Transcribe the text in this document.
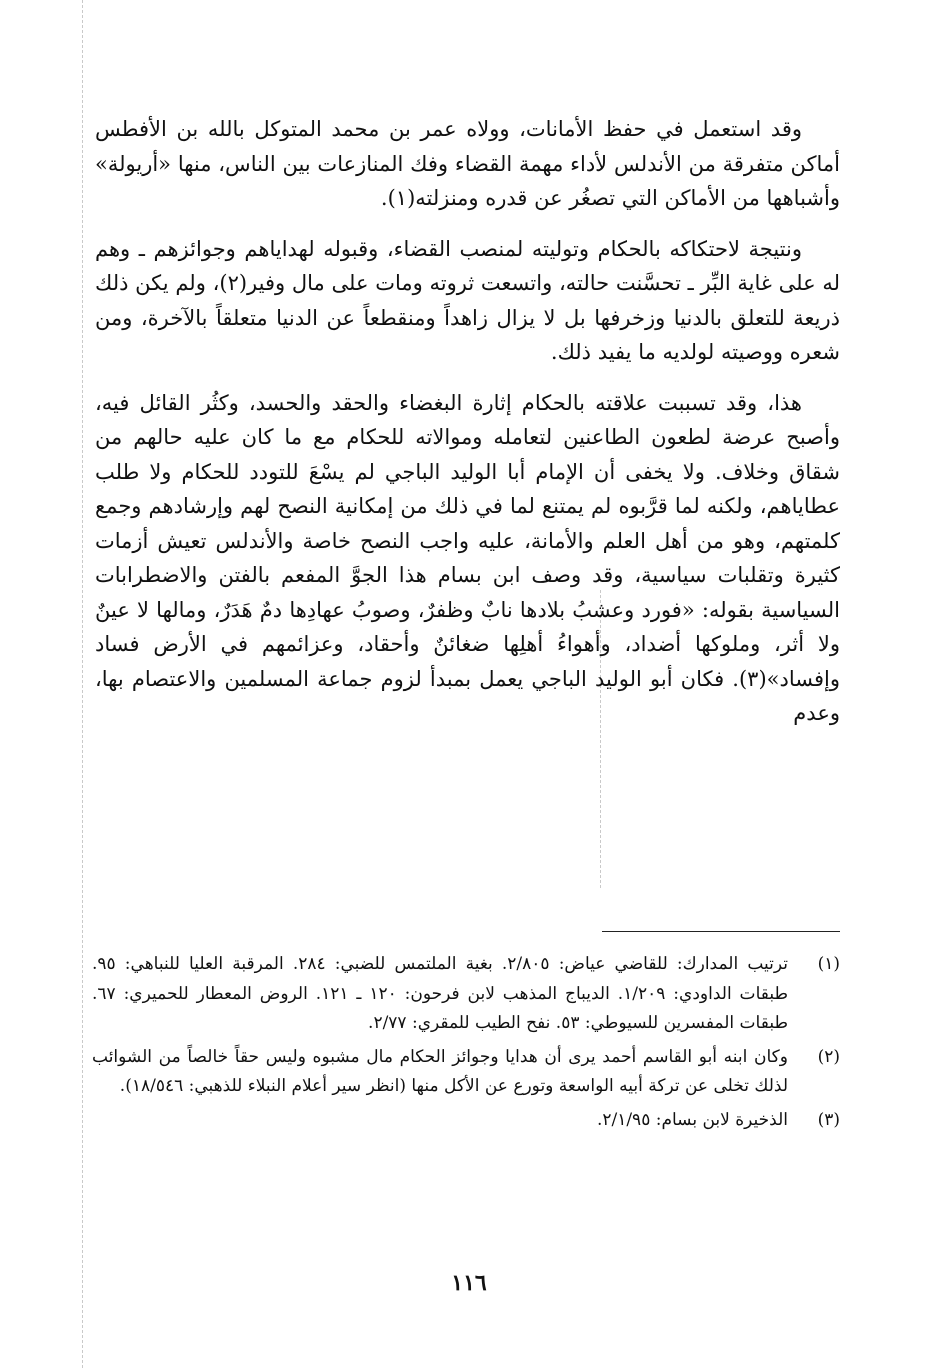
وقد استعمل في حفظ الأمانات، وولاه عمر بن محمد المتوكل بالله بن الأفطس أماكن متفرقة من الأندلس لأداء مهمة القضاء وفك المنازعات بين الناس، منها «أريولة» وأشباهها من الأماكن التي تصغُر عن قدره ومنزلته(١).

ونتيجة لاحتكاكه بالحكام وتوليته لمنصب القضاء، وقبوله لهداياهم وجوائزهم ـ وهم له على غاية البِّر ـ تحسَّنت حالته، واتسعت ثروته ومات على مال وفير(٢)، ولم يكن ذلك ذريعة للتعلق بالدنيا وزخرفها بل لا يزال زاهداً ومنقطعاً عن الدنيا متعلقاً بالآخرة، ومن شعره ووصيته لولديه ما يفيد ذلك.

هذا، وقد تسببت علاقته بالحكام إثارة البغضاء والحقد والحسد، وكثُر القائل فيه، وأصبح عرضة لطعون الطاعنين لتعامله وموالاته للحكام مع ما كان عليه حالهم من شقاق وخلاف. ولا يخفى أن الإمام أبا الوليد الباجي لم يسْعَ للتودد للحكام ولا طلب عطاياهم، ولكنه لما قرَّبوه لم يمتنع لما في ذلك من إمكانية النصح لهم وإرشادهم وجمع كلمتهم، وهو من أهل العلم والأمانة، عليه واجب النصح خاصة والأندلس تعيش أزمات كثيرة وتقلبات سياسية، وقد وصف ابن بسام هذا الجوَّ المفعم بالفتن والاضطرابات السياسية بقوله: «فورد وعشبُ بلادها نابٌ وظفرٌ، وصوبُ عهادِها دمٌ هَدَرٌ، ومالها لا عينٌ ولا أثر، وملوكها أضداد، وأهواءُ أهلِها ضغائنٌ وأحقاد، وعزائمهم في الأرض فساد وإفساد»(٣). فكان أبو الوليد الباجي يعمل بمبدأ لزوم جماعة المسلمين والاعتصام بها، وعدم

(١)
ترتيب المدارك: للقاضي عياض: ٢/٨٠٥. بغية الملتمس للضبي: ٢٨٤. المرقبة العليا للنباهي: ٩٥. طبقات الداودي: ١/٢٠٩. الديباج المذهب لابن فرحون: ١٢٠ ـ ١٢١. الروض المعطار للحميري: ٦٧. طبقات المفسرين للسيوطي: ٥٣. نفح الطيب للمقري: ٢/٧٧.
(٢)
وكان ابنه أبو القاسم أحمد يرى أن هدايا وجوائز الحكام مال مشبوه وليس حقاً خالصاً من الشوائب لذلك تخلى عن تركة أبيه الواسعة وتورع عن الأكل منها (انظر سير أعلام النبلاء للذهبي: ١٨/٥٤٦).
(٣)
الذخيرة لابن بسام: ٢/١/٩٥.
١١٦
